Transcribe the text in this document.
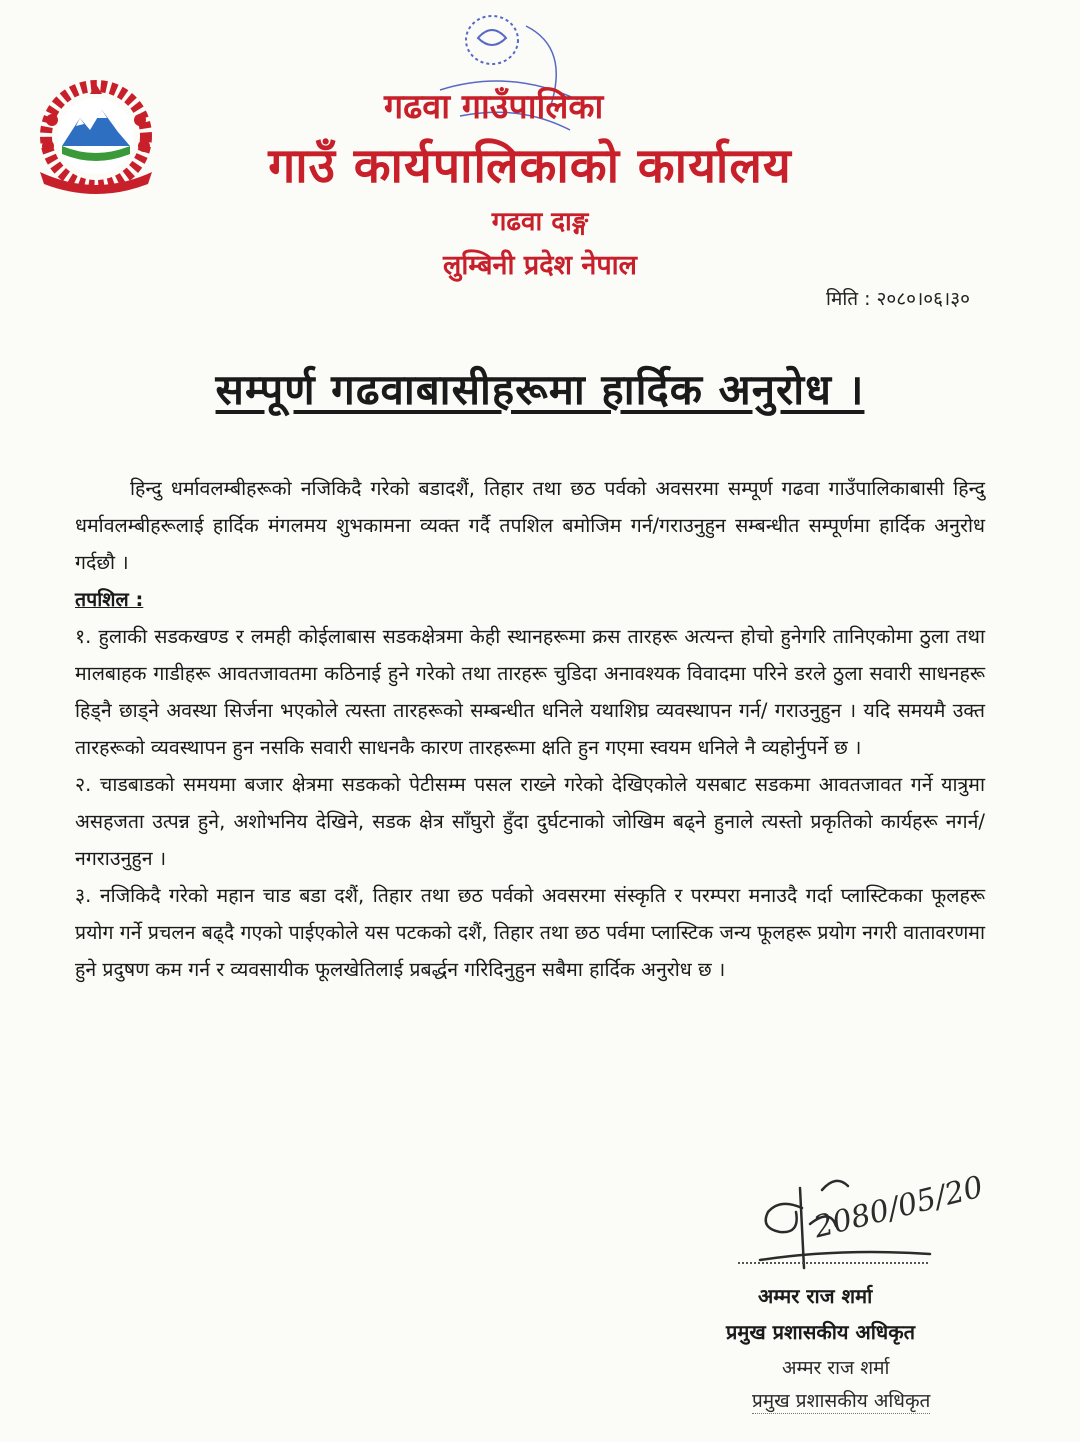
गढवा गाउँपालिका
गाउँ कार्यपालिकाको कार्यालय
गढवा दाङ्ग
लुम्बिनी प्रदेश नेपाल
मिति : २०८०।०६।३०
सम्पूर्ण गढवाबासीहरूमा हार्दिक अनुरोध ।

हिन्दु धर्मावलम्बीहरूको नजिकिदै गरेको बडादशैं, तिहार तथा छठ पर्वको अवसरमा सम्पूर्ण गढवा गाउँपालिकाबासी हिन्दु धर्मावलम्बीहरूलाई हार्दिक मंगलमय शुभकामना व्यक्त गर्दै तपशिल बमोजिम गर्न/गराउनुहुन सम्बन्धीत सम्पूर्णमा हार्दिक अनुरोध गर्दछौ ।

तपशिल :

१. हुलाकी सडकखण्ड र लमही कोईलाबास सडकक्षेत्रमा केही स्थानहरूमा क्रस तारहरू अत्यन्त होचो हुनेगरि तानिएकोमा ठुला तथा मालबाहक गाडीहरू आवतजावतमा कठिनाई हुने गरेको तथा तारहरू चुडिदा अनावश्यक विवादमा परिने डरले ठुला सवारी साधनहरू हिड्नै छाड्ने अवस्था सिर्जना भएकोले त्यस्ता तारहरूको सम्बन्धीत धनिले यथाशिघ्र व्यवस्थापन गर्न/ गराउनुहुन । यदि समयमै उक्त तारहरूको व्यवस्थापन हुन नसकि सवारी साधनकै कारण तारहरूमा क्षति हुन गएमा स्वयम धनिले नै व्यहोर्नुपर्ने छ ।

२. चाडबाडको समयमा बजार क्षेत्रमा सडकको पेटीसम्म पसल राख्ने गरेको देखिएकोले यसबाट सडकमा आवतजावत गर्ने यात्रुमा असहजता उत्पन्न हुने, अशोभनिय देखिने, सडक क्षेत्र साँघुरो हुँदा दुर्घटनाको जोखिम बढ्ने हुनाले त्यस्तो प्रकृतिको कार्यहरू नगर्न/नगराउनुहुन ।

३. नजिकिदै गरेको महान चाड बडा दशैं, तिहार तथा छठ पर्वको अवसरमा संस्कृति र परम्परा मनाउदै गर्दा प्लास्टिकका फूलहरू प्रयोग गर्ने प्रचलन बढ्दै गएको पाईएकोले यस पटकको दशैं, तिहार तथा छठ पर्वमा प्लास्टिक जन्य फूलहरू प्रयोग नगरी वातावरणमा हुने प्रदुषण कम गर्न र व्यवसायीक फूलखेतिलाई प्रबर्द्धन गरिदिनुहुन सबैमा हार्दिक अनुरोध छ ।

2080/05/20
अम्मर राज शर्मा
प्रमुख प्रशासकीय अधिकृत
अम्मर राज शर्मा
प्रमुख प्रशासकीय अधिकृत
